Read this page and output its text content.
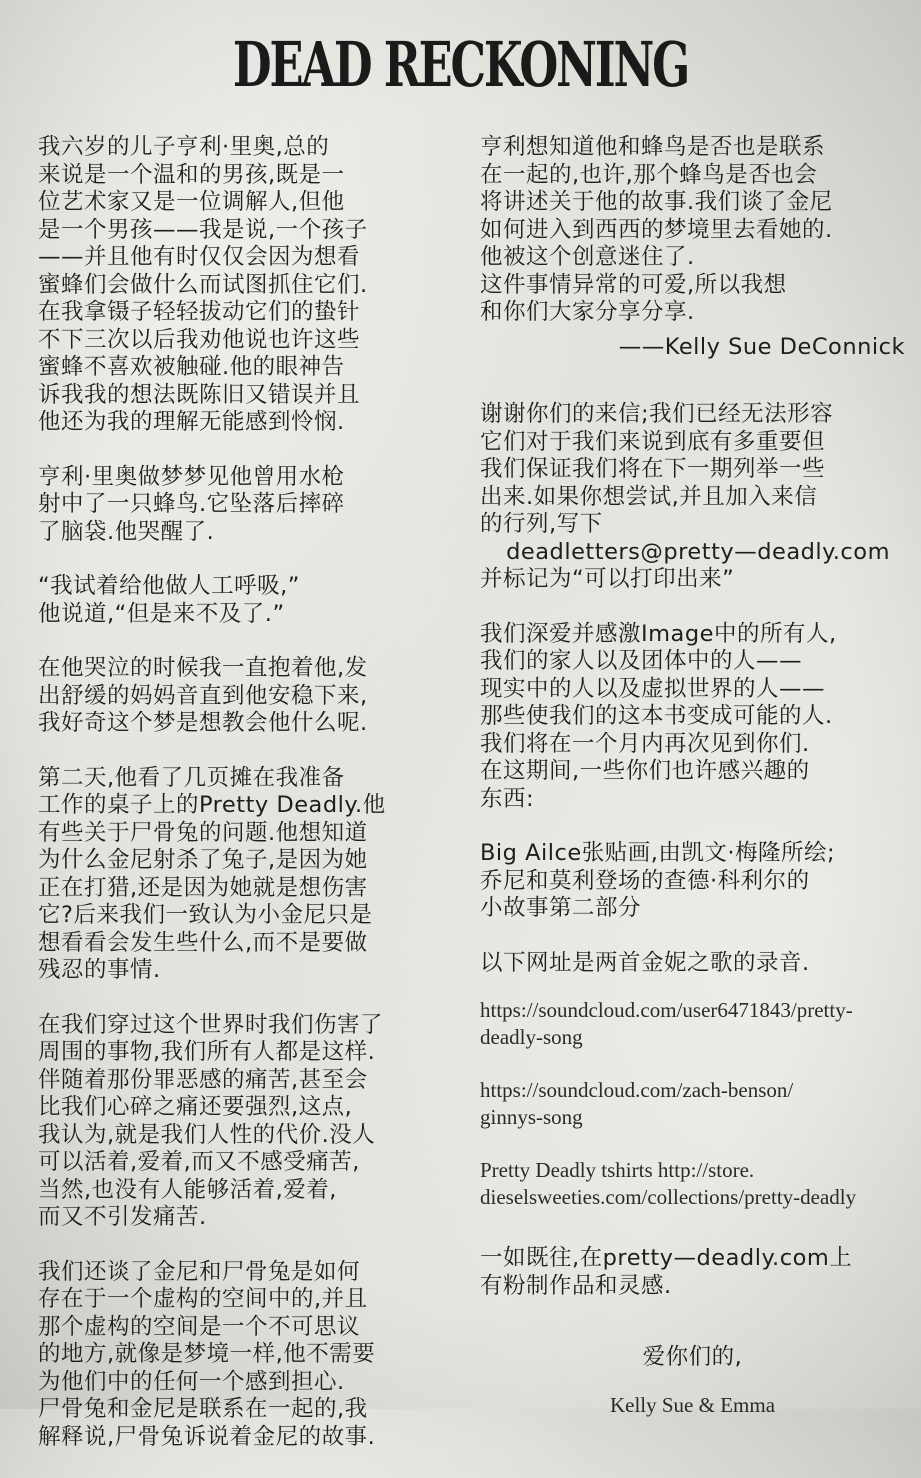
DEAD RECKONING
我六岁的儿子亨利·里奥,总的
来说是一个温和的男孩,既是一
位艺术家又是一位调解人,但他
是一个男孩——我是说,一个孩子
——并且他有时仅仅会因为想看
蜜蜂们会做什么而试图抓住它们.
在我拿镊子轻轻拔动它们的蛰针
不下三次以后我劝他说也许这些
蜜蜂不喜欢被触碰.他的眼神告
诉我我的想法既陈旧又错误并且
他还为我的理解无能感到怜悯.
亨利·里奥做梦梦见他曾用水枪
射中了一只蜂鸟.它坠落后摔碎
了脑袋.他哭醒了.
“我试着给他做人工呼吸,”
他说道,“但是来不及了.”
在他哭泣的时候我一直抱着他,发
出舒缓的妈妈音直到他安稳下来,
我好奇这个梦是想教会他什么呢.
第二天,他看了几页摊在我准备
工作的桌子上的Pretty Deadly.他
有些关于尸骨兔的问题.他想知道
为什么金尼射杀了兔子,是因为她
正在打猎,还是因为她就是想伤害
它?后来我们一致认为小金尼只是
想看看会发生些什么,而不是要做
残忍的事情.
在我们穿过这个世界时我们伤害了
周围的事物,我们所有人都是这样.
伴随着那份罪恶感的痛苦,甚至会
比我们心碎之痛还要强烈,这点,
我认为,就是我们人性的代价.没人
可以活着,爱着,而又不感受痛苦,
当然,也没有人能够活着,爱着,
而又不引发痛苦.
我们还谈了金尼和尸骨兔是如何
存在于一个虚构的空间中的,并且
那个虚构的空间是一个不可思议
的地方,就像是梦境一样,他不需要
为他们中的任何一个感到担心.
尸骨兔和金尼是联系在一起的,我
解释说,尸骨兔诉说着金尼的故事.
亨利想知道他和蜂鸟是否也是联系
在一起的,也许,那个蜂鸟是否也会
将讲述关于他的故事.我们谈了金尼
如何进入到西西的梦境里去看她的.
他被这个创意迷住了.
这件事情异常的可爱,所以我想
和你们大家分享分享.
——Kelly Sue DeConnick
谢谢你们的来信;我们已经无法形容
它们对于我们来说到底有多重要但
我们保证我们将在下一期列举一些
出来.如果你想尝试,并且加入来信
的行列,写下
deadletters@pretty—deadly.com
并标记为“可以打印出来”
我们深爱并感激Image中的所有人,
我们的家人以及团体中的人——
现实中的人以及虚拟世界的人——
那些使我们的这本书变成可能的人.
我们将在一个月内再次见到你们.
在这期间,一些你们也许感兴趣的
东西:
Big Ailce张贴画,由凯文·梅隆所绘;
乔尼和莫利登场的查德·科利尔的
小故事第二部分
以下网址是两首金妮之歌的录音.
https://soundcloud.com/user6471843/pretty-
deadly-song
https://soundcloud.com/zach-benson/
ginnys-song
Pretty Deadly tshirts http://store.
dieselsweeties.com/collections/pretty-deadly
一如既往,在pretty—deadly.com上
有粉制作品和灵感.
爱你们的,
Kelly Sue & Emma
